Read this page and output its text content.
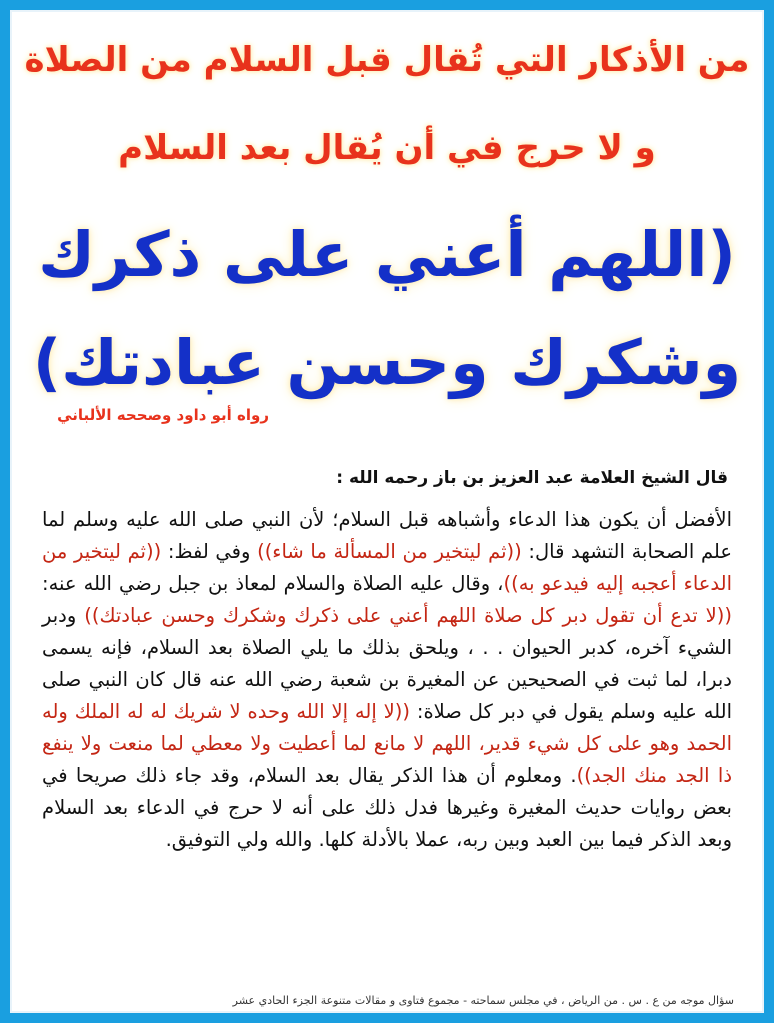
من الأذكار التي تُقال قبل السلام من الصلاة
و لا حرج في أن يُقال بعد السلام
(اللهم أعني على ذكرك
وشكرك وحسن عبادتك)
رواه أبو داود وصححه الألباني
قال الشيخ العلامة عبد العزيز بن باز رحمه الله :
الأفضل أن يكون هذا الدعاء وأشباهه قبل السلام؛ لأن النبي صلى الله عليه وسلم لما علم الصحابة التشهد قال: ((ثم ليتخير من المسألة ما شاء)) وفي لفظ: ((ثم ليتخير من الدعاء أعجبه إليه فيدعو به))، وقال عليه الصلاة والسلام لمعاذ بن جبل رضي الله عنه: ((لا تدع أن تقول دبر كل صلاة اللهم أعني على ذكرك وشكرك وحسن عبادتك)) ودبر الشيء آخره، كدبر الحيوان . . ، ويلحق بذلك ما يلي الصلاة بعد السلام، فإنه يسمى دبرا، لما ثبت في الصحيحين عن المغيرة بن شعبة رضي الله عنه قال كان النبي صلى الله عليه وسلم يقول في دبر كل صلاة: ((لا إله إلا الله وحده لا شريك له له الملك وله الحمد وهو على كل شيء قدير، اللهم لا مانع لما أعطيت ولا معطي لما منعت ولا ينفع ذا الجد منك الجد)). ومعلوم أن هذا الذكر يقال بعد السلام، وقد جاء ذلك صريحا في بعض روايات حديث المغيرة وغيرها فدل ذلك على أنه لا حرج في الدعاء بعد السلام وبعد الذكر فيما بين العبد وبين ربه، عملا بالأدلة كلها. والله ولي التوفيق.
سؤال موجه من ع . س . من الرياض ، في مجلس سماحته - مجموع فتاوى و مقالات متنوعة الجزء الحادي عشر
